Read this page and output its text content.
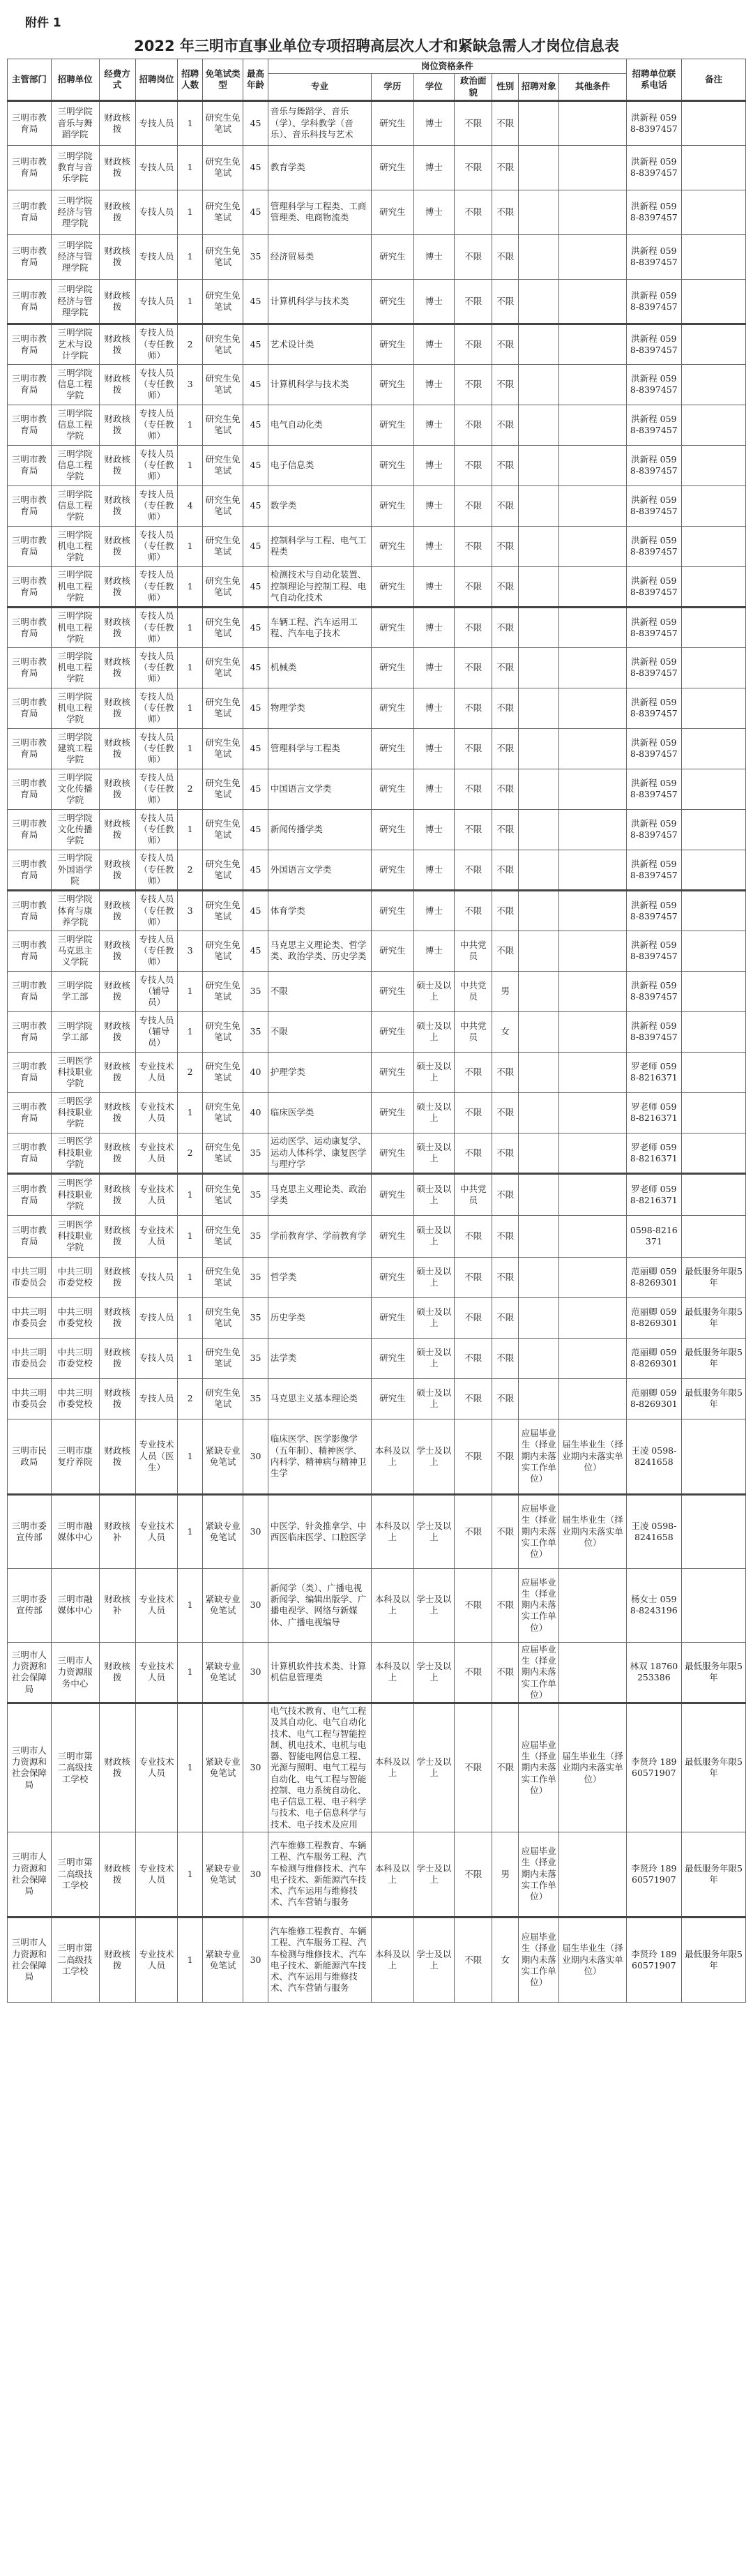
附件 1
2022 年三明市直事业单位专项招聘高层次人才和紧缺急需人才岗位信息表
主管部门	招聘单位	经费方式	招聘岗位	招聘人数	免笔试类型	最高年龄	岗位资格条件							招聘单位联系电话	备注
							专业	学历	学位	政治面貌	性别	招聘对象	其他条件		
三明市教育局	三明学院音乐与舞蹈学院	财政核拨	专技人员	1	研究生免笔试	45	音乐与舞蹈学、音乐（学）、学科教学（音乐）、音乐科技与艺术	研究生	博士	不限	不限			洪新程 0598-8397457	
三明市教育局	三明学院教育与音乐学院	财政核拨	专技人员	1	研究生免笔试	45	教育学类	研究生	博士	不限	不限			洪新程 0598-8397457	
三明市教育局	三明学院经济与管理学院	财政核拨	专技人员	1	研究生免笔试	45	管理科学与工程类、工商管理类、电商物流类	研究生	博士	不限	不限			洪新程 0598-8397457	
三明市教育局	三明学院经济与管理学院	财政核拨	专技人员	1	研究生免笔试	35	经济贸易类	研究生	博士	不限	不限			洪新程 0598-8397457	
三明市教育局	三明学院经济与管理学院	财政核拨	专技人员	1	研究生免笔试	45	计算机科学与技术类	研究生	博士	不限	不限			洪新程 0598-8397457	
三明市教育局	三明学院艺术与设计学院	财政核拨	专技人员（专任教师）	2	研究生免笔试	45	艺术设计类	研究生	博士	不限	不限			洪新程 0598-8397457	
三明市教育局	三明学院信息工程学院	财政核拨	专技人员（专任教师）	3	研究生免笔试	45	计算机科学与技术类	研究生	博士	不限	不限			洪新程 0598-8397457	
三明市教育局	三明学院信息工程学院	财政核拨	专技人员（专任教师）	1	研究生免笔试	45	电气自动化类	研究生	博士	不限	不限			洪新程 0598-8397457	
三明市教育局	三明学院信息工程学院	财政核拨	专技人员（专任教师）	1	研究生免笔试	45	电子信息类	研究生	博士	不限	不限			洪新程 0598-8397457	
三明市教育局	三明学院信息工程学院	财政核拨	专技人员（专任教师）	4	研究生免笔试	45	数学类	研究生	博士	不限	不限			洪新程 0598-8397457	
三明市教育局	三明学院机电工程学院	财政核拨	专技人员（专任教师）	1	研究生免笔试	45	控制科学与工程、电气工程类	研究生	博士	不限	不限			洪新程 0598-8397457	
三明市教育局	三明学院机电工程学院	财政核拨	专技人员（专任教师）	1	研究生免笔试	45	检测技术与自动化装置、控制理论与控制工程、电气自动化技术	研究生	博士	不限	不限			洪新程 0598-8397457	
三明市教育局	三明学院机电工程学院	财政核拨	专技人员（专任教师）	1	研究生免笔试	45	车辆工程、汽车运用工程、汽车电子技术	研究生	博士	不限	不限			洪新程 0598-8397457	
三明市教育局	三明学院机电工程学院	财政核拨	专技人员（专任教师）	1	研究生免笔试	45	机械类	研究生	博士	不限	不限			洪新程 0598-8397457	
三明市教育局	三明学院机电工程学院	财政核拨	专技人员（专任教师）	1	研究生免笔试	45	物理学类	研究生	博士	不限	不限			洪新程 0598-8397457	
三明市教育局	三明学院建筑工程学院	财政核拨	专技人员（专任教师）	1	研究生免笔试	45	管理科学与工程类	研究生	博士	不限	不限			洪新程 0598-8397457	
三明市教育局	三明学院文化传播学院	财政核拨	专技人员（专任教师）	2	研究生免笔试	45	中国语言文学类	研究生	博士	不限	不限			洪新程 0598-8397457	
三明市教育局	三明学院文化传播学院	财政核拨	专技人员（专任教师）	1	研究生免笔试	45	新闻传播学类	研究生	博士	不限	不限			洪新程 0598-8397457	
三明市教育局	三明学院外国语学院	财政核拨	专技人员（专任教师）	2	研究生免笔试	45	外国语言文学类	研究生	博士	不限	不限			洪新程 0598-8397457	
三明市教育局	三明学院体育与康养学院	财政核拨	专技人员（专任教师）	3	研究生免笔试	45	体育学类	研究生	博士	不限	不限			洪新程 0598-8397457	
三明市教育局	三明学院马克思主义学院	财政核拨	专技人员（专任教师）	3	研究生免笔试	45	马克思主义理论类、哲学类、政治学类、历史学类	研究生	博士	中共党员	不限			洪新程 0598-8397457	
三明市教育局	三明学院学工部	财政核拨	专技人员（辅导员）	1	研究生免笔试	35	不限	研究生	硕士及以上	中共党员	男			洪新程 0598-8397457	
三明市教育局	三明学院学工部	财政核拨	专技人员（辅导员）	1	研究生免笔试	35	不限	研究生	硕士及以上	中共党员	女			洪新程 0598-8397457	
三明市教育局	三明医学科技职业学院	财政核拨	专业技术人员	2	研究生免笔试	40	护理学类	研究生	硕士及以上	不限	不限			罗老师 0598-8216371	
三明市教育局	三明医学科技职业学院	财政核拨	专业技术人员	1	研究生免笔试	40	临床医学类	研究生	硕士及以上	不限	不限			罗老师 0598-8216371	
三明市教育局	三明医学科技职业学院	财政核拨	专业技术人员	2	研究生免笔试	35	运动医学、运动康复学、运动人体科学、康复医学与理疗学	研究生	硕士及以上	不限	不限			罗老师 0598-8216371	
三明市教育局	三明医学科技职业学院	财政核拨	专业技术人员	1	研究生免笔试	35	马克思主义理论类、政治学类	研究生	硕士及以上	中共党员	不限			罗老师 0598-8216371	
三明市教育局	三明医学科技职业学院	财政核拨	专业技术人员	1	研究生免笔试	35	学前教育学、学前教育学	研究生	硕士及以上	不限	不限			0598-8216371	
中共三明市委员会	中共三明市委党校	财政核拨	专技人员	1	研究生免笔试	35	哲学类	研究生	硕士及以上	不限	不限			范丽卿 0598-8269301	最低服务年限5年
中共三明市委员会	中共三明市委党校	财政核拨	专技人员	1	研究生免笔试	35	历史学类	研究生	硕士及以上	不限	不限			范丽卿 0598-8269301	最低服务年限5年
中共三明市委员会	中共三明市委党校	财政核拨	专技人员	1	研究生免笔试	35	法学类	研究生	硕士及以上	不限	不限			范丽卿 0598-8269301	最低服务年限5年
中共三明市委员会	中共三明市委党校	财政核拨	专技人员	2	研究生免笔试	35	马克思主义基本理论类	研究生	硕士及以上	不限	不限			范丽卿 0598-8269301	最低服务年限5年
三明市民政局	三明市康复疗养院	财政核拨	专业技术人员（医生）	1	紧缺专业免笔试	30	临床医学、医学影像学（五年制）、精神医学、内科学、精神病与精神卫生学	本科及以上	学士及以上	不限	不限	应届毕业生（择业期内未落实工作单位）	届生毕业生（择业期内未落实单位）	王凌 0598-8241658	
三明市委宣传部	三明市融媒体中心	财政核补	专业技术人员	1	紧缺专业免笔试	30	中医学、针灸推拿学、中西医临床医学、口腔医学	本科及以上	学士及以上	不限	不限	应届毕业生（择业期内未落实工作单位）	届生毕业生（择业期内未落实单位）	王凌 0598-8241658	
三明市委宣传部	三明市融媒体中心	财政核补	专业技术人员	1	紧缺专业免笔试	30	新闻学（类）、广播电视新闻学、编辑出版学、广播电视学、网络与新媒体、广播电视编导	本科及以上	学士及以上	不限	不限	应届毕业生（择业期内未落实工作单位）		杨女士 0598-8243196	
三明市人力资源和社会保障局	三明市人力资源服务中心	财政核拨	专业技术人员	1	紧缺专业免笔试	30	计算机软件技术类、计算机信息管理类	本科及以上	学士及以上	不限	不限	应届毕业生（择业期内未落实工作单位）		林双 18760253386	最低服务年限5年
三明市人力资源和社会保障局	三明市第二高级技工学校	财政核拨	专业技术人员	1	紧缺专业免笔试	30	电气技术教育、电气工程及其自动化、电气自动化技术、电气工程与智能控制、机电技术、电机与电器、智能电网信息工程、光源与照明、电气工程与自动化、电气工程与智能控制、电力系统自动化、电子信息工程、电子科学与技术、电子信息科学与技术、电子技术及应用	本科及以上	学士及以上	不限	不限	应届毕业生（择业期内未落实工作单位）	届生毕业生（择业期内未落实单位）	李贤玲 18960571907	最低服务年限5年
三明市人力资源和社会保障局	三明市第二高级技工学校	财政核拨	专业技术人员	1	紧缺专业免笔试	30	汽车维修工程教育、车辆工程、汽车服务工程、汽车检测与维修技术、汽车电子技术、新能源汽车技术、汽车运用与维修技术、汽车营销与服务	本科及以上	学士及以上	不限	男	应届毕业生（择业期内未落实工作单位）		李贤玲 18960571907	最低服务年限5年
三明市人力资源和社会保障局	三明市第二高级技工学校	财政核拨	专业技术人员	1	紧缺专业免笔试	30	汽车维修工程教育、车辆工程、汽车服务工程、汽车检测与维修技术、汽车电子技术、新能源汽车技术、汽车运用与维修技术、汽车营销与服务	本科及以上	学士及以上	不限	女	应届毕业生（择业期内未落实工作单位）	届生毕业生（择业期内未落实单位）	李贤玲 18960571907	最低服务年限5年
